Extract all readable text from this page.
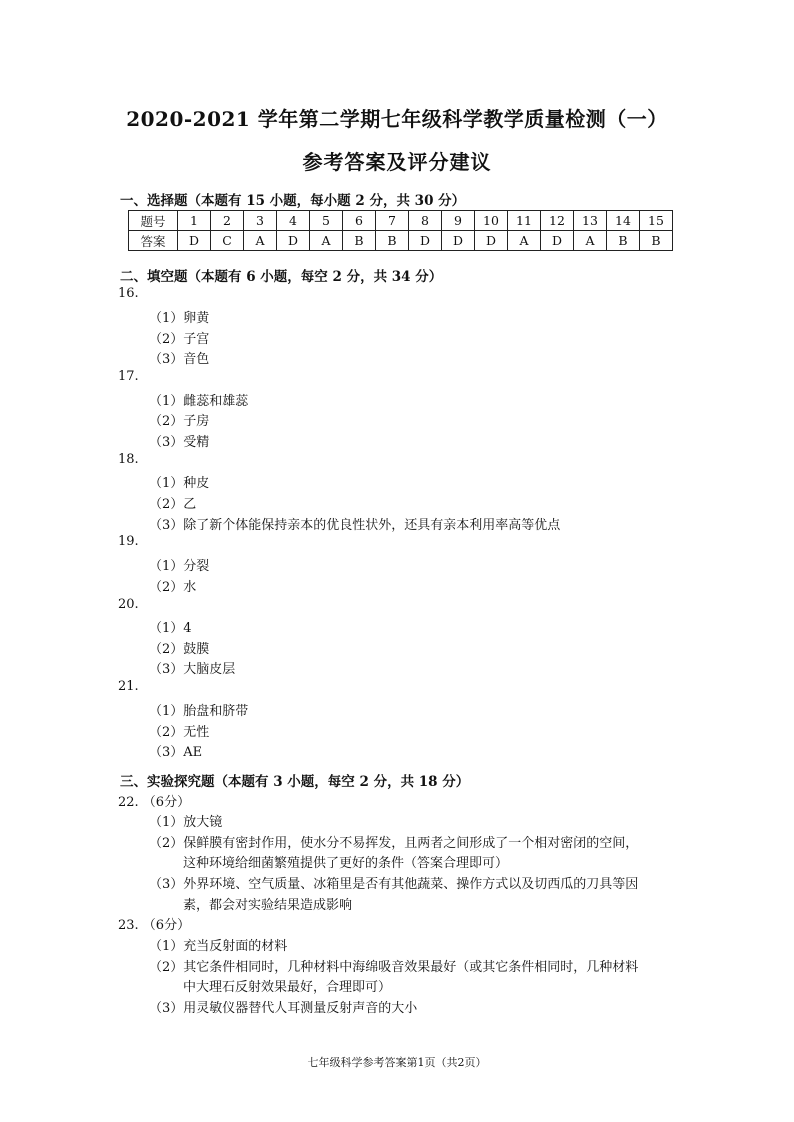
2020-2021 学年第二学期七年级科学教学质量检测（一）
参考答案及评分建议
一、选择题（本题有 15 小题，每小题 2 分，共 30 分）
题号	1	2	3	4	5	6	7	8	9	10	11	12	13	14	15
答案	D	C	A	D	A	B	B	D	D	D	A	D	A	B	B
二、填空题（本题有 6 小题，每空 2 分，共 34 分）
16.
（1）卵黄
（2）子宫
（3）音色
17.
（1）雌蕊和雄蕊
（2）子房
（3）受精
18.
（1）种皮
（2）乙
（3）除了新个体能保持亲本的优良性状外，还具有亲本利用率高等优点
19.
（1）分裂
（2）水
20.
（1）4
（2）鼓膜
（3）大脑皮层
21.
（1）胎盘和脐带
（2）无性
（3）AE
三、实验探究题（本题有 3 小题，每空 2 分，共 18 分）
22. （6分）
（1）放大镜
（2）保鲜膜有密封作用，使水分不易挥发，且两者之间形成了一个相对密闭的空间，
这种环境给细菌繁殖提供了更好的条件（答案合理即可）
（3）外界环境、空气质量、冰箱里是否有其他蔬菜、操作方式以及切西瓜的刀具等因
素，都会对实验结果造成影响
23. （6分）
（1）充当反射面的材料
（2）其它条件相同时，几种材料中海绵吸音效果最好（或其它条件相同时，几种材料
中大理石反射效果最好，合理即可）
（3）用灵敏仪器替代人耳测量反射声音的大小
七年级科学参考答案第1页（共2页）
